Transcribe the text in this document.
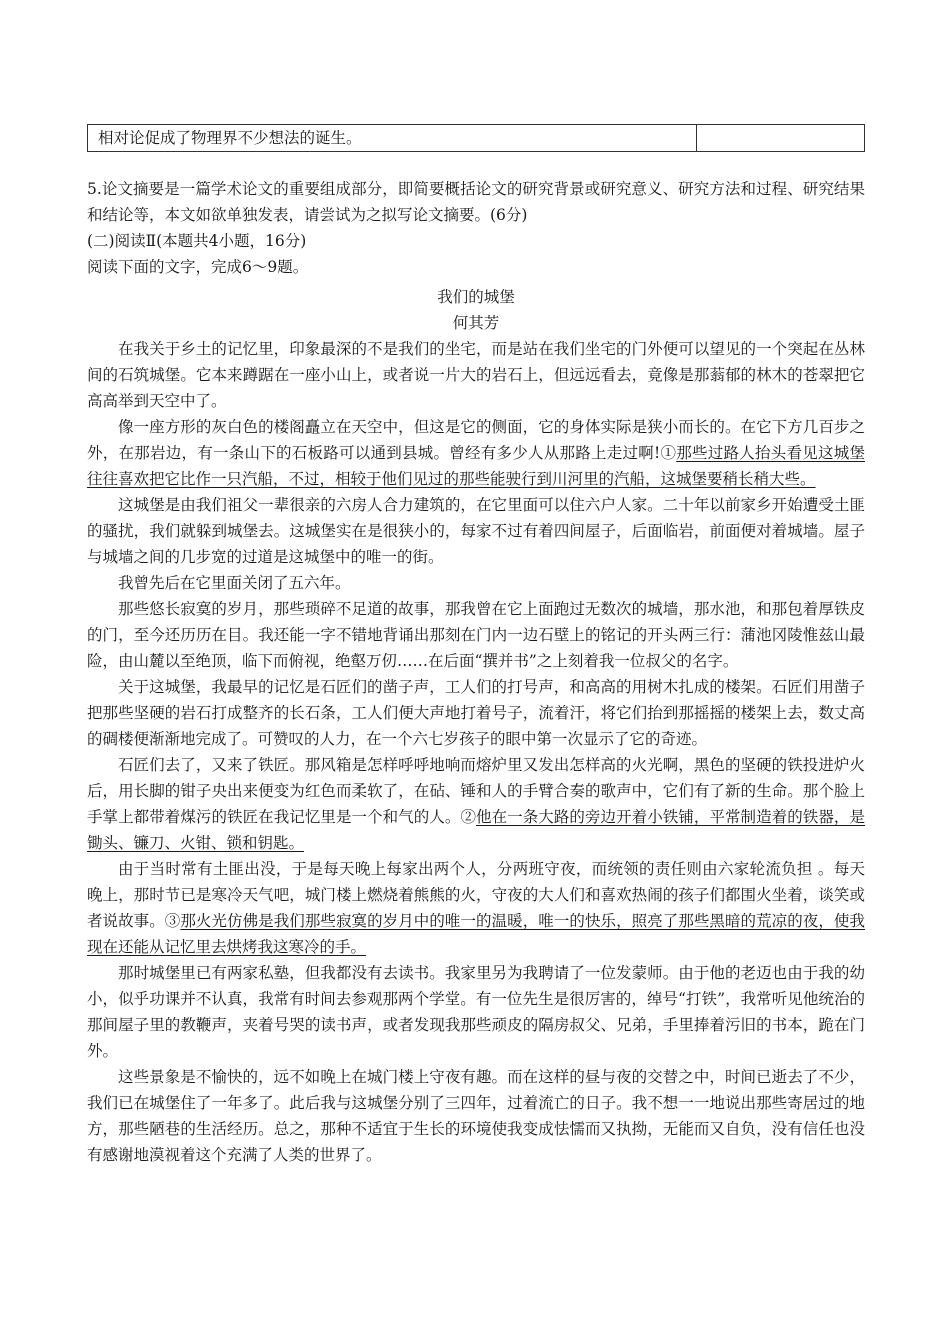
相对论促成了物理界不少想法的诞生。

5.论文摘要是一篇学术论文的重要组成部分，即简要概括论文的研究背景或研究意义、研究方法和过程、研究结果和结论等，本文如欲单独发表，请尝试为之拟写论文摘要。(6分)

(二)阅读Ⅱ(本题共4小题，16分)

阅读下面的文字，完成6～9题。

我们的城堡

何其芳

在我关于乡土的记忆里，印象最深的不是我们的坐宅，而是站在我们坐宅的门外便可以望见的一个突起在丛林间的石筑城堡。它本来蹲踞在一座小山上，或者说一片大的岩石上，但远远看去，竟像是那蓊郁的林木的苍翠把它高高举到天空中了。

像一座方形的灰白色的楼阁矗立在天空中，但这是它的侧面，它的身体实际是狭小而长的。在它下方几百步之外，在那岩边，有一条山下的石板路可以通到县城。曾经有多少人从那路上走过啊!①那些过路人抬头看见这城堡往往喜欢把它比作一只汽船，不过，相较于他们见过的那些能驶行到川河里的汽船，这城堡要稍长稍大些。

这城堡是由我们祖父一辈很亲的六房人合力建筑的，在它里面可以住六户人家。二十年以前家乡开始遭受土匪的骚扰，我们就躲到城堡去。这城堡实在是很狭小的，每家不过有着四间屋子，后面临岩，前面便对着城墙。屋子与城墙之间的几步宽的过道是这城堡中的唯一的街。

我曾先后在它里面关闭了五六年。

那些悠长寂寞的岁月，那些琐碎不足道的故事，那我曾在它上面跑过无数次的城墙，那水池，和那包着厚铁皮的门，至今还历历在目。我还能一字不错地背诵出那刻在门内一边石壁上的铭记的开头两三行：蒲池冈陵惟兹山最险，由山麓以至绝顶，临下而俯视，绝壑万仞……在后面“撰并书”之上刻着我一位叔父的名字。

关于这城堡，我最早的记忆是石匠们的凿子声，工人们的打号声，和高高的用树木扎成的楼架。石匠们用凿子把那些坚硬的岩石打成整齐的长石条，工人们便大声地打着号子，流着汗，将它们抬到那摇摇的楼架上去，数丈高的碉楼便渐渐地完成了。可赞叹的人力，在一个六七岁孩子的眼中第一次显示了它的奇迹。

石匠们去了，又来了铁匠。那风箱是怎样呼呼地响而熔炉里又发出怎样高的火光啊，黑色的坚硬的铁投进炉火后，用长脚的钳子央出来便变为红色而柔软了，在砧、锤和人的手臂合奏的歌声中，它们有了新的生命。那个脸上手掌上都带着煤污的铁匠在我记忆里是一个和气的人。②他在一条大路的旁边开着小铁铺，平常制造着的铁器，是锄头、镰刀、火钳、锁和钥匙。

由于当时常有土匪出没，于是每天晚上每家出两个人，分两班守夜，而统领的责任则由六家轮流负担 。每天晚上，那时节已是寒冷天气吧，城门楼上燃烧着熊熊的火，守夜的大人们和喜欢热闹的孩子们都围火坐着，谈笑或者说故事。③那火光仿佛是我们那些寂寞的岁月中的唯一的温暖，唯一的快乐，照亮了那些黑暗的荒凉的夜，使我现在还能从记忆里去烘烤我这寒冷的手。

那时城堡里已有两家私塾，但我都没有去读书。我家里另为我聘请了一位发蒙师。由于他的老迈也由于我的幼小，似乎功课并不认真，我常有时间去参观那两个学堂。有一位先生是很厉害的，绰号“打铁”，我常听见他统治的那间屋子里的教鞭声，夹着号哭的读书声，或者发现我那些顽皮的隔房叔父、兄弟，手里捧着污旧的书本，跪在门外。

这些景象是不愉快的，远不如晚上在城门楼上守夜有趣。而在这样的昼与夜的交替之中，时间已逝去了不少，我们已在城堡住了一年多了。此后我与这城堡分别了三四年，过着流亡的日子。我不想一一地说出那些寄居过的地方，那些陋巷的生活经历。总之，那种不适宜于生长的环境使我变成怯懦而又执拗，无能而又自负，没有信任也没有感谢地漠视着这个充满了人类的世界了。
